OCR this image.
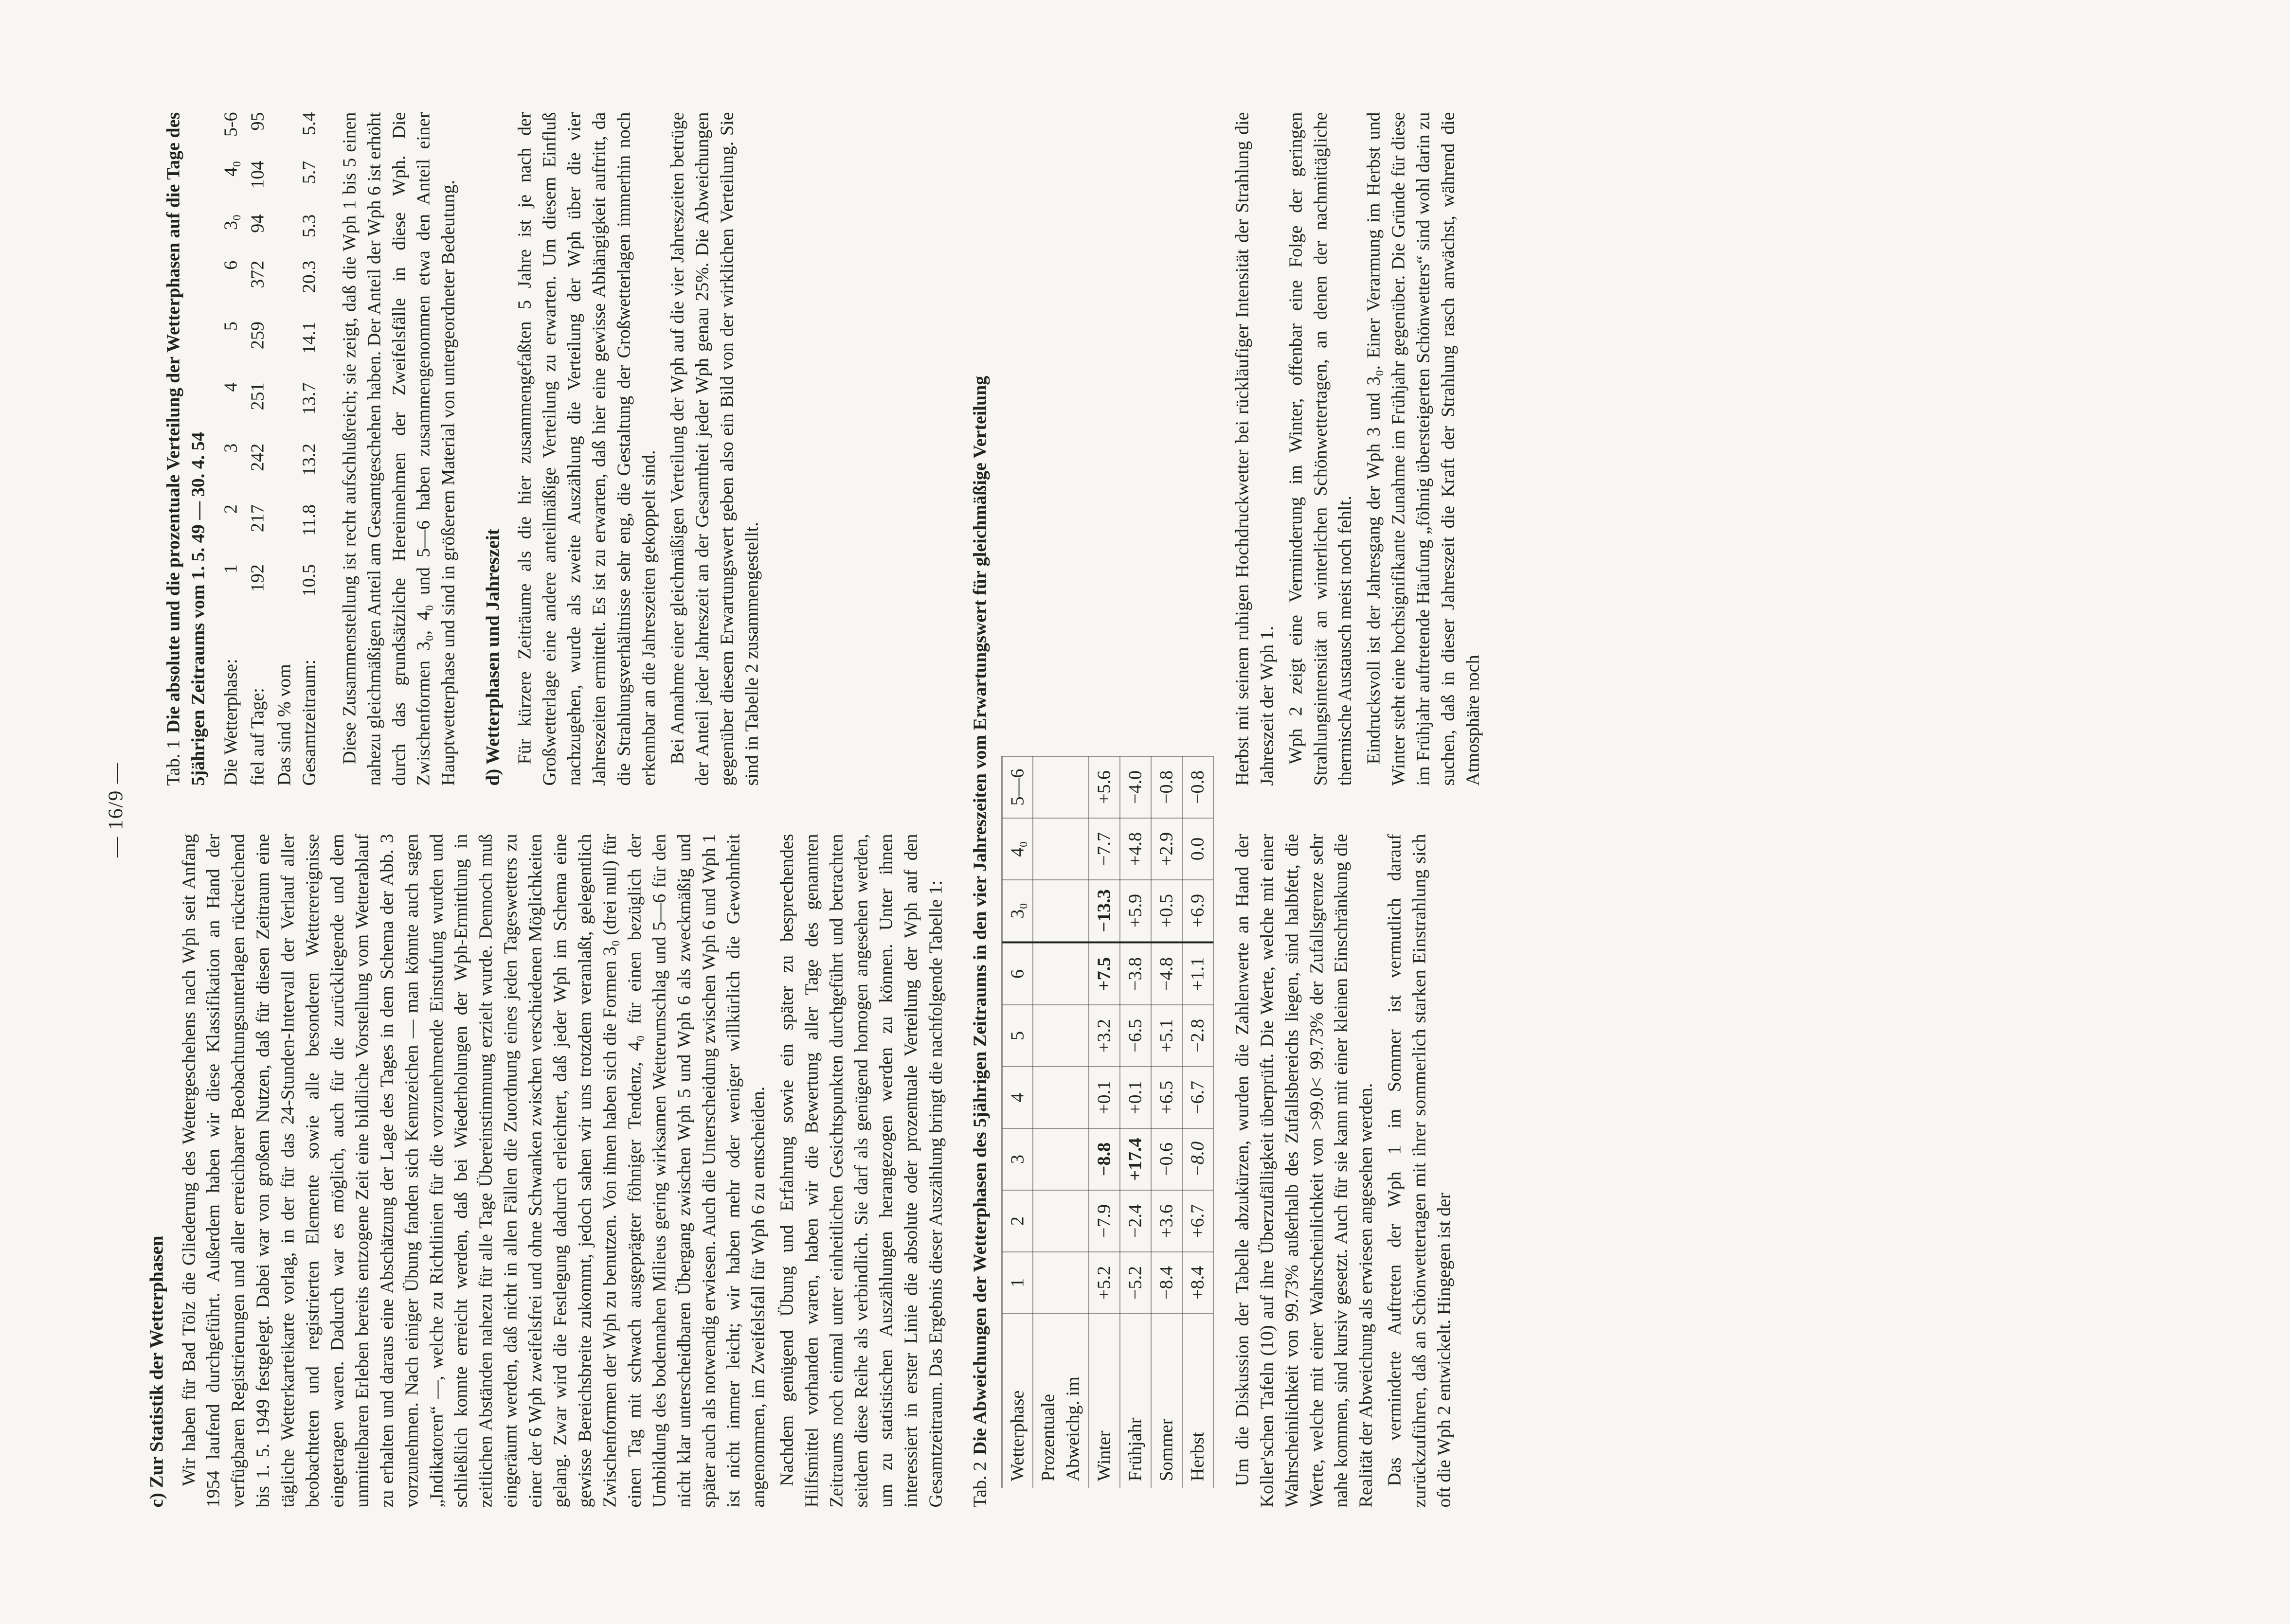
— 16/9 —
c) Zur Statistik der Wetterphasen Wir haben für Bad Tölz die Gliederung des Wettergeschehens nach Wph seit Anfang 1954 laufend durchgeführt. Außerdem haben wir diese Klassifikation an Hand der verfügbaren Registrierungen und aller erreichbarer Beobachtungsunterlagen rückreichend bis 1. 5. 1949 festgelegt. Dabei war von großem Nutzen, daß für diesen Zeitraum eine tägliche Wetterkarteikarte vorlag, in der für das 24-Stunden-Intervall der Verlauf aller beobachteten und registrierten Elemente sowie alle besonderen Wetterereignisse eingetragen waren. Dadurch war es möglich, auch für die zurückliegende und dem unmittelbaren Erleben bereits entzogene Zeit eine bildliche Vorstellung vom Wetterablauf zu erhalten und daraus eine Abschätzung der Lage des Tages in dem Schema der Abb. 3 vorzunehmen. Nach einiger Übung fanden sich Kennzeichen — man könnte auch sagen „Indikatoren“ —, welche zu Richtlinien für die vorzunehmende Einstufung wurden und schließlich konnte erreicht werden, daß bei Wiederholungen der Wph-Ermittlung in zeitlichen Abständen nahezu für alle Tage Übereinstimmung erzielt wurde. Dennoch muß eingeräumt werden, daß nicht in allen Fällen die Zuordnung eines jeden Tageswetters zu einer der 6 Wph zweifelsfrei und ohne Schwanken zwischen verschiedenen Möglichkeiten gelang. Zwar wird die Festlegung dadurch erleichtert, daß jeder Wph im Schema eine gewisse Bereichsbreite zukommt, jedoch sahen wir uns trotzdem veranlaßt, gelegentlich Zwischenformen der Wph zu benutzen. Von ihnen haben sich die Formen 3₀ (drei null) für einen Tag mit schwach ausgeprägter föhniger Tendenz, 4₀ für einen bezüglich der Umbildung des bodennahen Milieus gering wirksamen Wetterumschlag und 5—6 für den nicht klar unterscheidbaren Übergang zwischen Wph 5 und Wph 6 als zweckmäßig und später auch als notwendig erwiesen. Auch die Unterscheidung zwischen Wph 6 und Wph 1 ist nicht immer leicht; wir haben mehr oder weniger willkürlich die Gewohnheit angenommen, im Zweifelsfall für Wph 6 zu entscheiden. Nachdem genügend Übung und Erfahrung sowie ein später zu besprechendes Hilfsmittel vorhanden waren, haben wir die Bewertung aller Tage des genannten Zeitraums noch einmal unter einheitlichen Gesichtspunkten durchgeführt und betrachten seitdem diese Reihe als verbindlich. Sie darf als genügend homogen angesehen werden, um zu statistischen Auszählungen herangezogen werden zu können. Unter ihnen interessiert in erster Linie die absolute oder prozentuale Verteilung der Wph auf den Gesamtzeitraum. Das Ergebnis dieser Auszählung bringt die nachfolgende Tabelle 1:

Tab. 1Die absolute und die prozentuale Verteilung der Wetterphasen auf die Tage des 5jährigen Zeitraums vom 1. 5. 49 — 30. 4. 54 Die Wetterphase:	1	2	3	4	5	6	3₀	4₀	5-6
fiel auf Tage:	192	217	242	251	259	372	94	104	95
Das sind % vom Gesamtzeitraum:	10.5	11.8	13.2	13.7	14.1	20.3	5.3	5.7	5.4 Diese Zusammenstellung ist recht aufschlußreich; sie zeigt, daß die Wph 1 bis 5 einen nahezu gleichmäßigen Anteil am Gesamtgeschehen haben. Der Anteil der Wph 6 ist erhöht durch das grundsätzliche Hereinnehmen der Zweifelsfälle in diese Wph. Die Zwischenformen 3₀, 4₀ und 5—6 haben zusammengenommen etwa den Anteil einer Hauptwetterphase und sind in größerem Material von untergeordneter Bedeutung. d) Wetterphasen und Jahreszeit Für kürzere Zeiträume als die hier zusammengefaßten 5 Jahre ist je nach der Großwetterlage eine andere anteilmäßige Verteilung zu erwarten. Um diesem Einfluß nachzugehen, wurde als zweite Auszählung die Verteilung der Wph über die vier Jahreszeiten ermittelt. Es ist zu erwarten, daß hier eine gewisse Abhängigkeit auftritt, da die Strahlungsverhältnisse sehr eng, die Gestaltung der Großwetterlagen immerhin noch erkennbar an die Jahreszeiten gekoppelt sind. Bei Annahme einer gleichmäßigen Verteilung der Wph auf die vier Jahreszeiten betrüge der Anteil jeder Jahreszeit an der Gesamtheit jeder Wph genau 25%. Die Abweichungen gegenüber diesem Erwartungswert geben also ein Bild von der wirklichen Verteilung. Sie sind in Tabelle 2 zusammengestellt.

Tab. 2Die Abweichungen der Wetterphasen des 5jährigen Zeitraums in den vier Jahreszeiten vom Erwartungswert für gleichmäßige Verteilung Wetterphase	1	2	3	4	5	6	3₀	4₀	5—6
Prozentuale Abweichg. im									
Winter	+5.2	−7.9	−8.8	+0.1	+3.2	+7.5	−13.3	−7.7	+5.6
Frühjahr	−5.2	−2.4	+17.4	+0.1	−6.5	−3.8	+5.9	+4.8	−4.0
Sommer	−8.4	+3.6	−0.6	+6.5	+5.1	−4.8	+0.5	+2.9	−0.8
Herbst	+8.4	+6.7	−8.0	−6.7	−2.8	+1.1	+6.9	0.0	−0.8

Um die Diskussion der Tabelle abzukürzen, wurden die Zahlenwerte an Hand der Koller'schen Tafeln (10) auf ihre Überzufälligkeit überprüft. Die Werte, welche mit einer Wahrscheinlichkeit von 99.73% außerhalb des Zufallsbereichs liegen, sind halbfett, die Werte, welche mit einer Wahrscheinlichkeit von >99.0< 99.73% der Zufallsgrenze sehr nahe kommen, sind kursiv gesetzt. Auch für sie kann mit einer kleinen Einschränkung die Realität der Abweichung als erwiesen angesehen werden. Das verminderte Auftreten der Wph 1 im Sommer ist vermutlich darauf zurückzuführen, daß an Schönwettertagen mit ihrer sommerlich starken Einstrahlung sich oft die Wph 2 entwickelt. Hingegen ist der

Herbst mit seinem ruhigen Hochdruckwetter bei rückläufiger Intensität der Strahlung die Jahreszeit der Wph 1. Wph 2 zeigt eine Verminderung im Winter, offenbar eine Folge der geringen Strahlungsintensität an winterlichen Schönwettertagen, an denen der nachmittägliche thermische Austausch meist noch fehlt. Eindrucksvoll ist der Jahresgang der Wph 3 und 3₀. Einer Verarmung im Herbst und Winter steht eine hochsignifikante Zunahme im Frühjahr gegenüber. Die Gründe für diese im Frühjahr auftretende Häufung „föhnig übersteigerten Schönwetters“ sind wohl darin zu suchen, daß in dieser Jahreszeit die Kraft der Strahlung rasch anwächst, während die Atmosphäre noch
